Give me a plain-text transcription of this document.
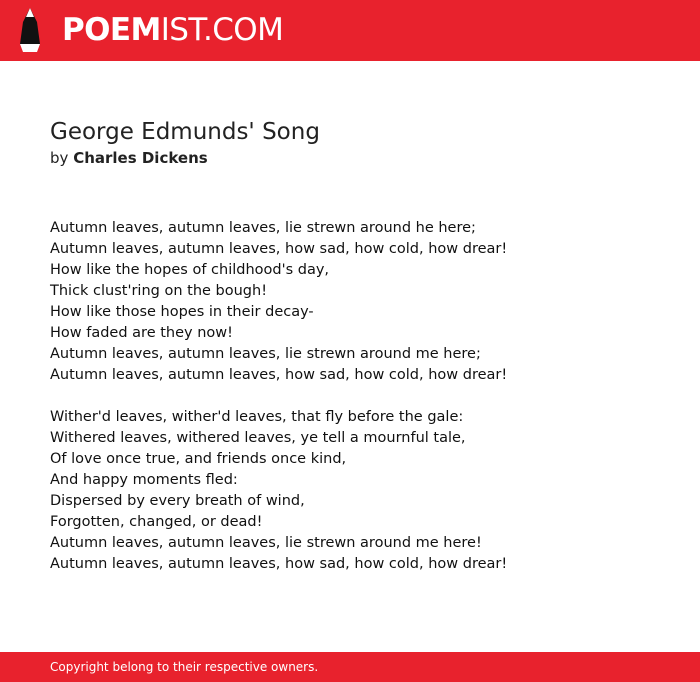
POEMIST.COM
George Edmunds' Song
by Charles Dickens
Autumn leaves, autumn leaves, lie strewn around he here;
Autumn leaves, autumn leaves, how sad, how cold, how drear!
How like the hopes of childhood's day,
Thick clust'ring on the bough!
How like those hopes in their decay-
How faded are they now!
Autumn leaves, autumn leaves, lie strewn around me here;
Autumn leaves, autumn leaves, how sad, how cold, how drear!
Wither'd leaves, wither'd leaves, that fly before the gale:
Withered leaves, withered leaves, ye tell a mournful tale,
Of love once true, and friends once kind,
And happy moments fled:
Dispersed by every breath of wind,
Forgotten, changed, or dead!
Autumn leaves, autumn leaves, lie strewn around me here!
Autumn leaves, autumn leaves, how sad, how cold, how drear!
Copyright belong to their respective owners.
